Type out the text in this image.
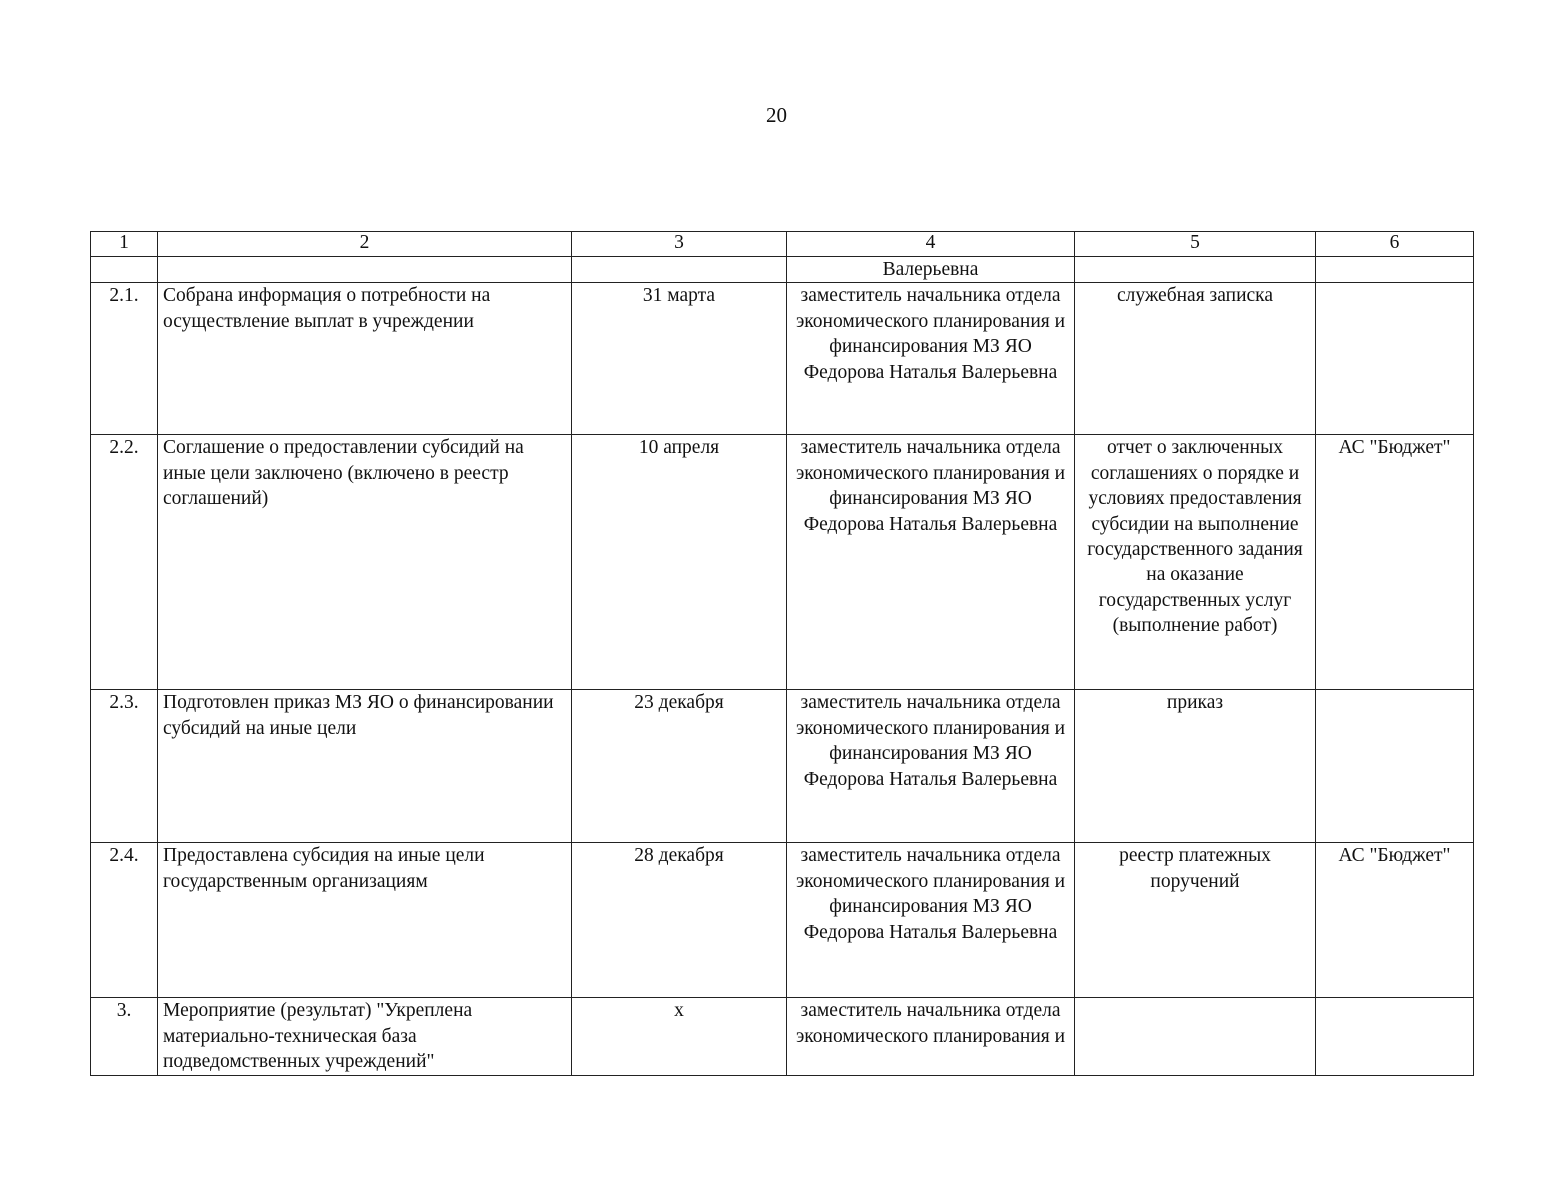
20
1	2	3	4	5	6
			Валерьевна		
2.1.	Собрана информация о потребности на осуществление выплат в учреждении	31 марта	заместитель начальника отдела экономического планирования и финансирования МЗ ЯО Федорова Наталья Валерьевна	служебная записка	
2.2.	Соглашение о предоставлении субсидий на иные цели заключено (включено в реестр соглашений)	10 апреля	заместитель начальника отдела экономического планирования и финансирования МЗ ЯО Федорова Наталья Валерьевна	отчет о заключенных соглашениях о порядке и условиях предоставления субсидии на выполнение государственного задания на оказание государственных услуг (выполнение работ)	АС "Бюджет"
2.3.	Подготовлен приказ МЗ ЯО о финансировании субсидий на иные цели	23 декабря	заместитель начальника отдела экономического планирования и финансирования МЗ ЯО Федорова Наталья Валерьевна	приказ	
2.4.	Предоставлена субсидия на иные цели государственным организациям	28 декабря	заместитель начальника отдела экономического планирования и финансирования МЗ ЯО Федорова Наталья Валерьевна	реестр платежных поручений	АС "Бюджет"
3.	Мероприятие (результат) "Укреплена материально-техническая база подведомственных учреждений"	х	заместитель начальника отдела экономического планирования и		
